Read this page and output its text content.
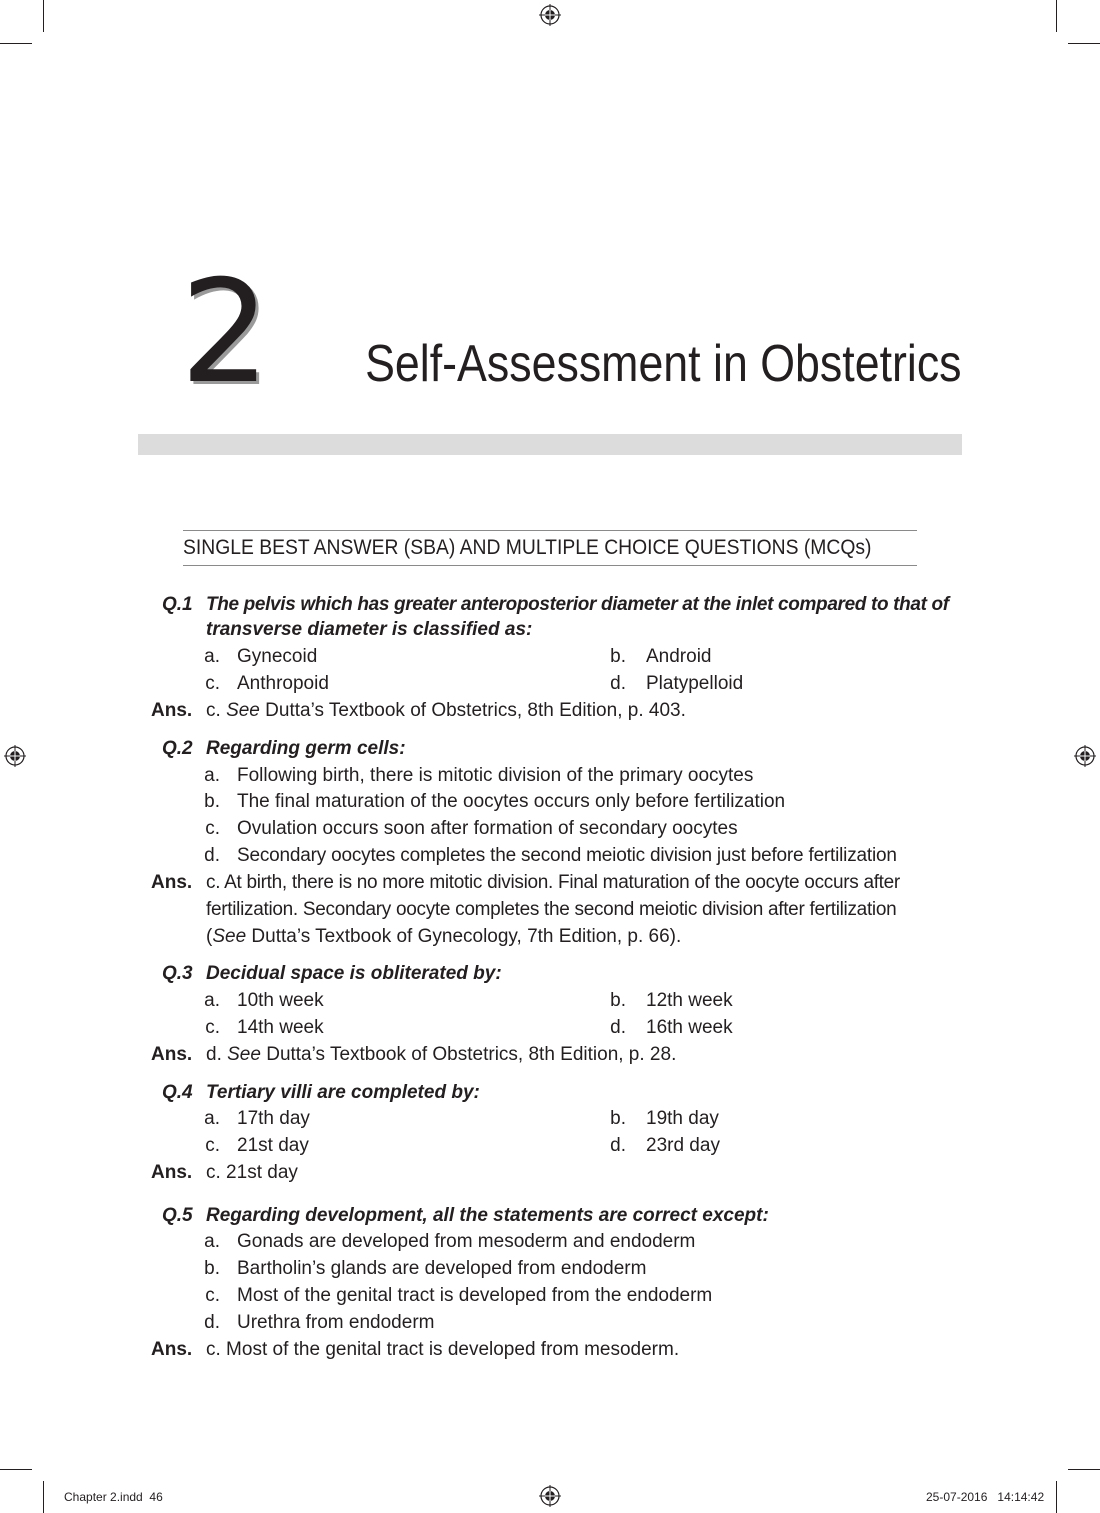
2 Self-Assessment in Obstetrics
SINGLE BEST ANSWER (SBA) AND MULTIPLE CHOICE QUESTIONS (MCQs)
Q.1 The pelvis which has greater anteroposterior diameter at the inlet compared to that of
transverse diameter is classified as:
a. Gynecoid	b. Android
c. Anthropoid	d. Platypelloid
Ans. c. See Dutta’s Textbook of Obstetrics, 8th Edition, p. 403.
Q.2 Regarding germ cells:
a. Following birth, there is mitotic division of the primary oocytes
b. The final maturation of the oocytes occurs only before fertilization
c. Ovulation occurs soon after formation of secondary oocytes
d. Secondary oocytes completes the second meiotic division just before fertilization
Ans. c. At birth, there is no more mitotic division. Final maturation of the oocyte occurs after
fertilization. Secondary oocyte completes the second meiotic division after fertilization
(See Dutta’s Textbook of Gynecology, 7th Edition, p. 66).
Q.3 Decidual space is obliterated by:
a. 10th week	b. 12th week
c. 14th week	d. 16th week
Ans. d. See Dutta’s Textbook of Obstetrics, 8th Edition, p. 28.
Q.4 Tertiary villi are completed by:
a. 17th day	b. 19th day
c. 21st day	d. 23rd day
Ans. c. 21st day
Q.5 Regarding development, all the statements are correct except:
a. Gonads are developed from mesoderm and endoderm
b. Bartholin’s glands are developed from endoderm
c. Most of the genital tract is developed from the endoderm
d. Urethra from endoderm
Ans. c. Most of the genital tract is developed from mesoderm.
Chapter 2.indd 46	25-07-2016 14:14:42
